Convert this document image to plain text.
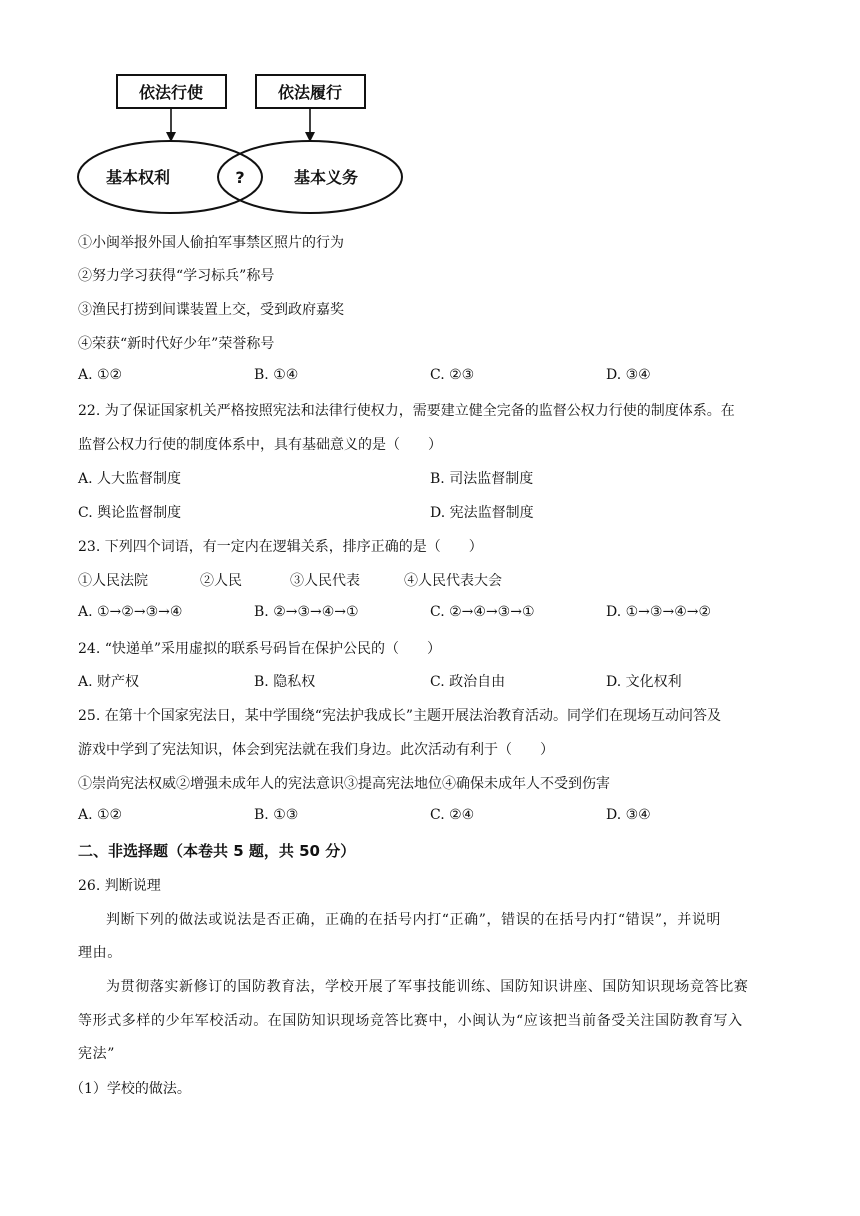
依法行使	依法履行
基本权利	?	基本义务
①小闽举报外国人偷拍军事禁区照片的行为
②努力学习获得“学习标兵”称号
③渔民打捞到间谍装置上交，受到政府嘉奖
④荣获“新时代好少年”荣誉称号
A. ①②	B. ①④	C. ②③	D. ③④
22. 为了保证国家机关严格按照宪法和法律行使权力，需要建立健全完备的监督公权力行使的制度体系。在
监督公权力行使的制度体系中，具有基础意义的是（　　）
A. 人大监督制度	B. 司法监督制度
C. 舆论监督制度	D. 宪法监督制度
23. 下列四个词语，有一定内在逻辑关系，排序正确的是（　　）
①人民法院	②人民	③人民代表	④人民代表大会
A. ①→②→③→④	B. ②→③→④→①	C. ②→④→③→①	D. ①→③→④→②
24. “快递单”采用虚拟的联系号码旨在保护公民的（　　）
A. 财产权	B. 隐私权	C. 政治自由	D. 文化权利
25. 在第十个国家宪法日，某中学围绕“宪法护我成长”主题开展法治教育活动。同学们在现场互动问答及
游戏中学到了宪法知识，体会到宪法就在我们身边。此次活动有利于（　　）
①崇尚宪法权威②增强未成年人的宪法意识③提高宪法地位④确保未成年人不受到伤害
A. ①②	B. ①③	C. ②④	D. ③④
二、非选择题（本卷共 5 题，共 50 分）
26. 判断说理
判断下列的做法或说法是否正确，正确的在括号内打“正确”，错误的在括号内打“错误”，并说明
理由。
为贯彻落实新修订的国防教育法，学校开展了军事技能训练、国防知识讲座、国防知识现场竞答比赛
等形式多样的少年军校活动。在国防知识现场竞答比赛中，小闽认为“应该把当前备受关注国防教育写入
宪法”
（1）学校的做法。
